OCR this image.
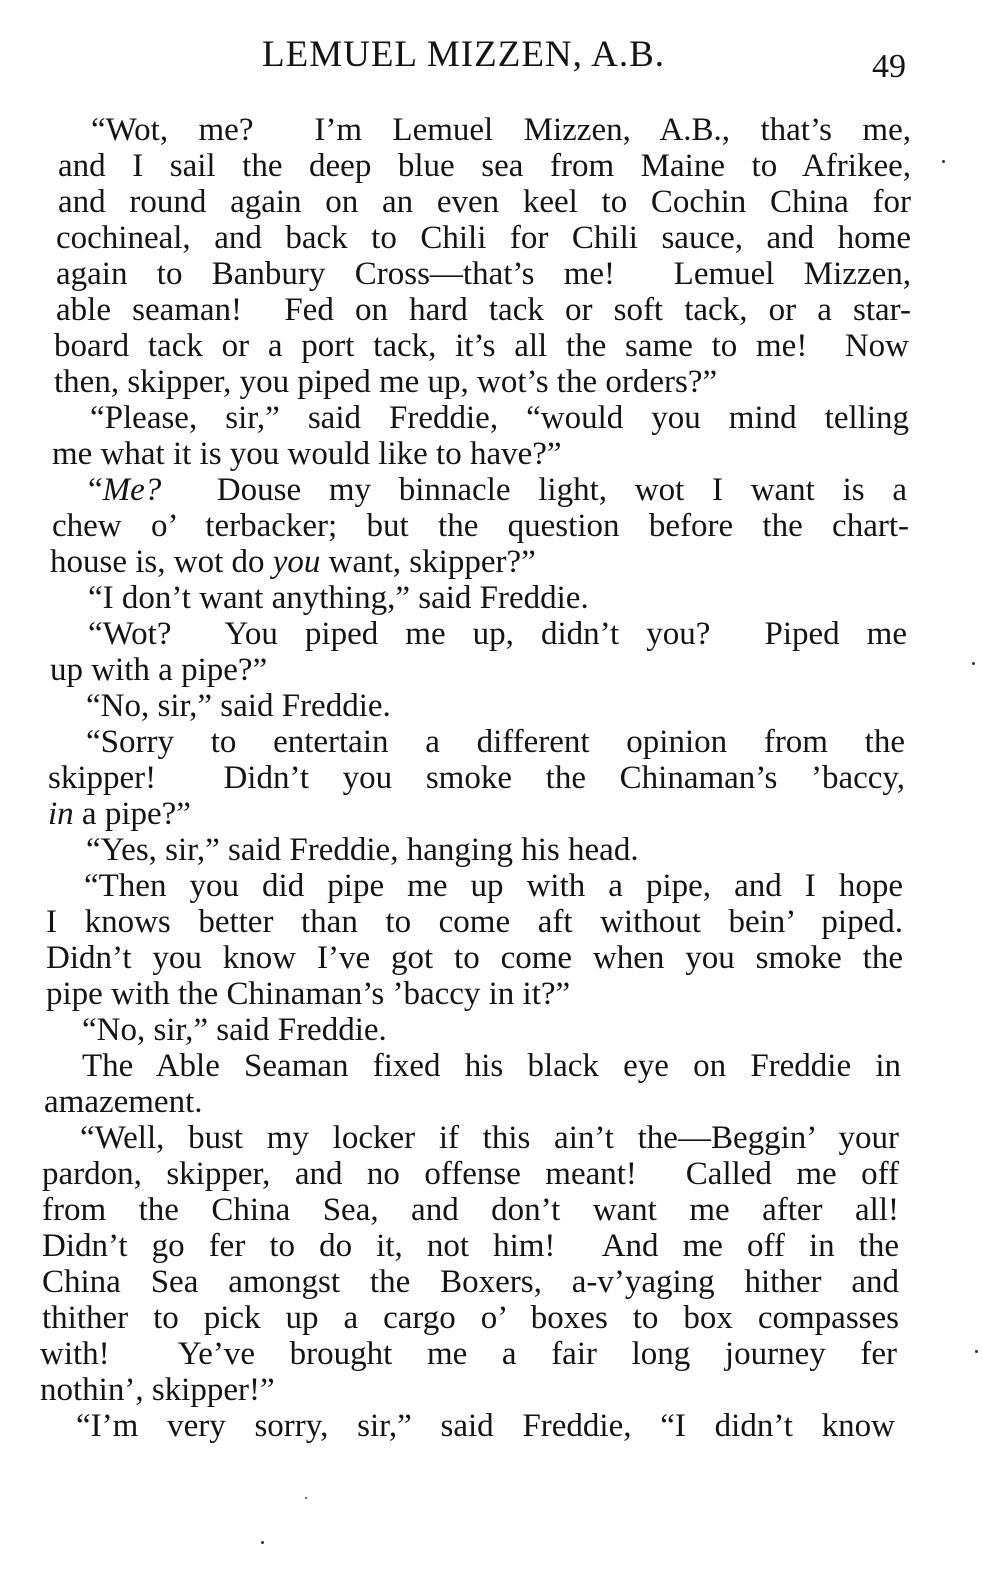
LEMUEL MIZZEN, A.B.	49
“Wot, me?  I’m Lemuel Mizzen, A.B., that’s me,
and I sail the deep blue sea from Maine to Afrikee,
and round again on an even keel to Cochin China for
cochineal, and back to Chili for Chili sauce, and home
again to Banbury Cross—that’s me!  Lemuel Mizzen,
able seaman!  Fed on hard tack or soft tack, or a star-
board tack or a port tack, it’s all the same to me!  Now
then, skipper, you piped me up, wot’s the orders?”
“Please, sir,” said Freddie, “would you mind telling
me what it is you would like to have?”
“Me?  Douse my binnacle light, wot I want is a
chew o’ terbacker; but the question before the chart-
house is, wot do you want, skipper?”
“I don’t want anything,” said Freddie.
“Wot?  You piped me up, didn’t you?  Piped me
up with a pipe?”
“No, sir,” said Freddie.
“Sorry to entertain a different opinion from the
skipper!  Didn’t you smoke the Chinaman’s ’baccy,
in a pipe?”
“Yes, sir,” said Freddie, hanging his head.
“Then you did pipe me up with a pipe, and I hope
I knows better than to come aft without bein’ piped.
Didn’t you know I’ve got to come when you smoke the
pipe with the Chinaman’s ’baccy in it?”
“No, sir,” said Freddie.
The Able Seaman fixed his black eye on Freddie in
amazement.
“Well, bust my locker if this ain’t the—Beggin’ your
pardon, skipper, and no offense meant!  Called me off
from the China Sea, and don’t want me after all!
Didn’t go fer to do it, not him!  And me off in the
China Sea amongst the Boxers, a-v’yaging hither and
thither to pick up a cargo o’ boxes to box compasses
with!  Ye’ve brought me a fair long journey fer
nothin’, skipper!”
“I’m very sorry, sir,” said Freddie, “I didn’t know
